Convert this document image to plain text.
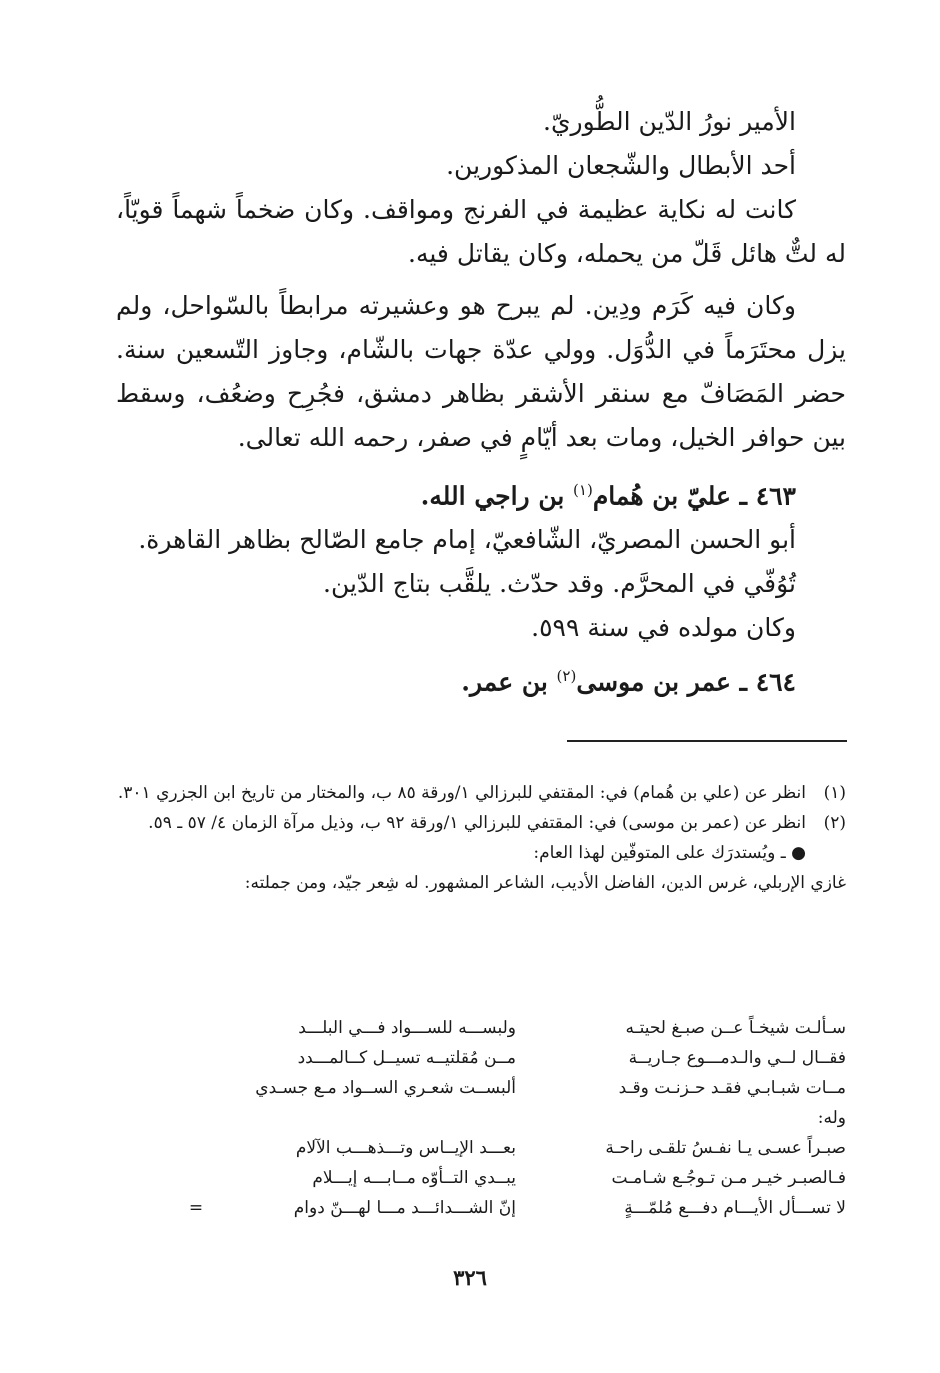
الأمير نورُ الدّين الطُّوريّ.
أحد الأبطال والشّجعان المذكورين.
كانت له نكاية عظيمة في الفرنج ومواقف. وكان ضخماً شهماً قويّاً، له لتٌّ هائل قَلّ من يحمله، وكان يقاتل فيه.
وكان فيه كَرَم ودِين. لم يبرح هو وعشيرته مرابطاً بالسّواحل، ولم يزل محتَرَماً في الدُّوَل. وولي عدّة جهات بالشّام، وجاوز التّسعين سنة. حضر المَصَافّ مع سنقر الأشقر بظاهر دمشق، فجُرِح وضعُف، وسقط بين حوافر الخيل، ومات بعد أيّامٍ في صفر، رحمه الله تعالى.
٤٦٣ ـ عليّ بن هُمام$^{(١)}$ بن راجي الله.
أبو الحسن المصريّ، الشّافعيّ، إمام جامع الصّالح بظاهر القاهرة.
تُوُفّي في المحرَّم. وقد حدّث. يلقَّب بتاج الدّين.
وكان مولده في سنة ٥٩٩.
٤٦٤ ـ عمر بن موسى$^{(٢)}$ بن عمر.
(١)
انظر عن (علي بن هُمام) في: المقتفي للبرزالي ١/ورقة ٨٥ ب، والمختار من تاريخ ابن الجزري ٣٠١.
(٢)
انظر عن (عمر بن موسى) في: المقتفي للبرزالي ١/ورقة ٩٢ ب، وذيل مرآة الزمان ٤/ ٥٧ ـ ٥٩.
● ـ ويُستدرَك على المتوفّين لهذا العام:
غازي الإربلي، غرس الدين، الفاضل الأديب، الشاعر المشهور. له شِعر جيّد، ومن جملته:
سـألـت شيخـاً عــن صبـغ لحيتـه
ولبســـه للســـواد فـــي البلـــد
فقــال لــي والـدمـــوع جـاريــة
مــن مُقلتيــه تسيــل كــالمـــدد
مــات شبـابـي فقـد حـزنـت وقـد
ألبســت شعـري الســواد مـع جسـدي
وله:
صبـراً عسـى يـا نفـسُ تلقـى راحـة
بعـــد الإيــاس وتـــذهـــب الآلام
فـالصبـر خيـر مـن تـوجُـع شـامـت
يبــدي التــأوّه مــابـــه إيـــلام
لا تســـأل الأيـــام دفـــع مُلمّـــةٍ
إنّ الشـــدائـــد مـــا لهـــنّ دوام
=
٣٢٦
